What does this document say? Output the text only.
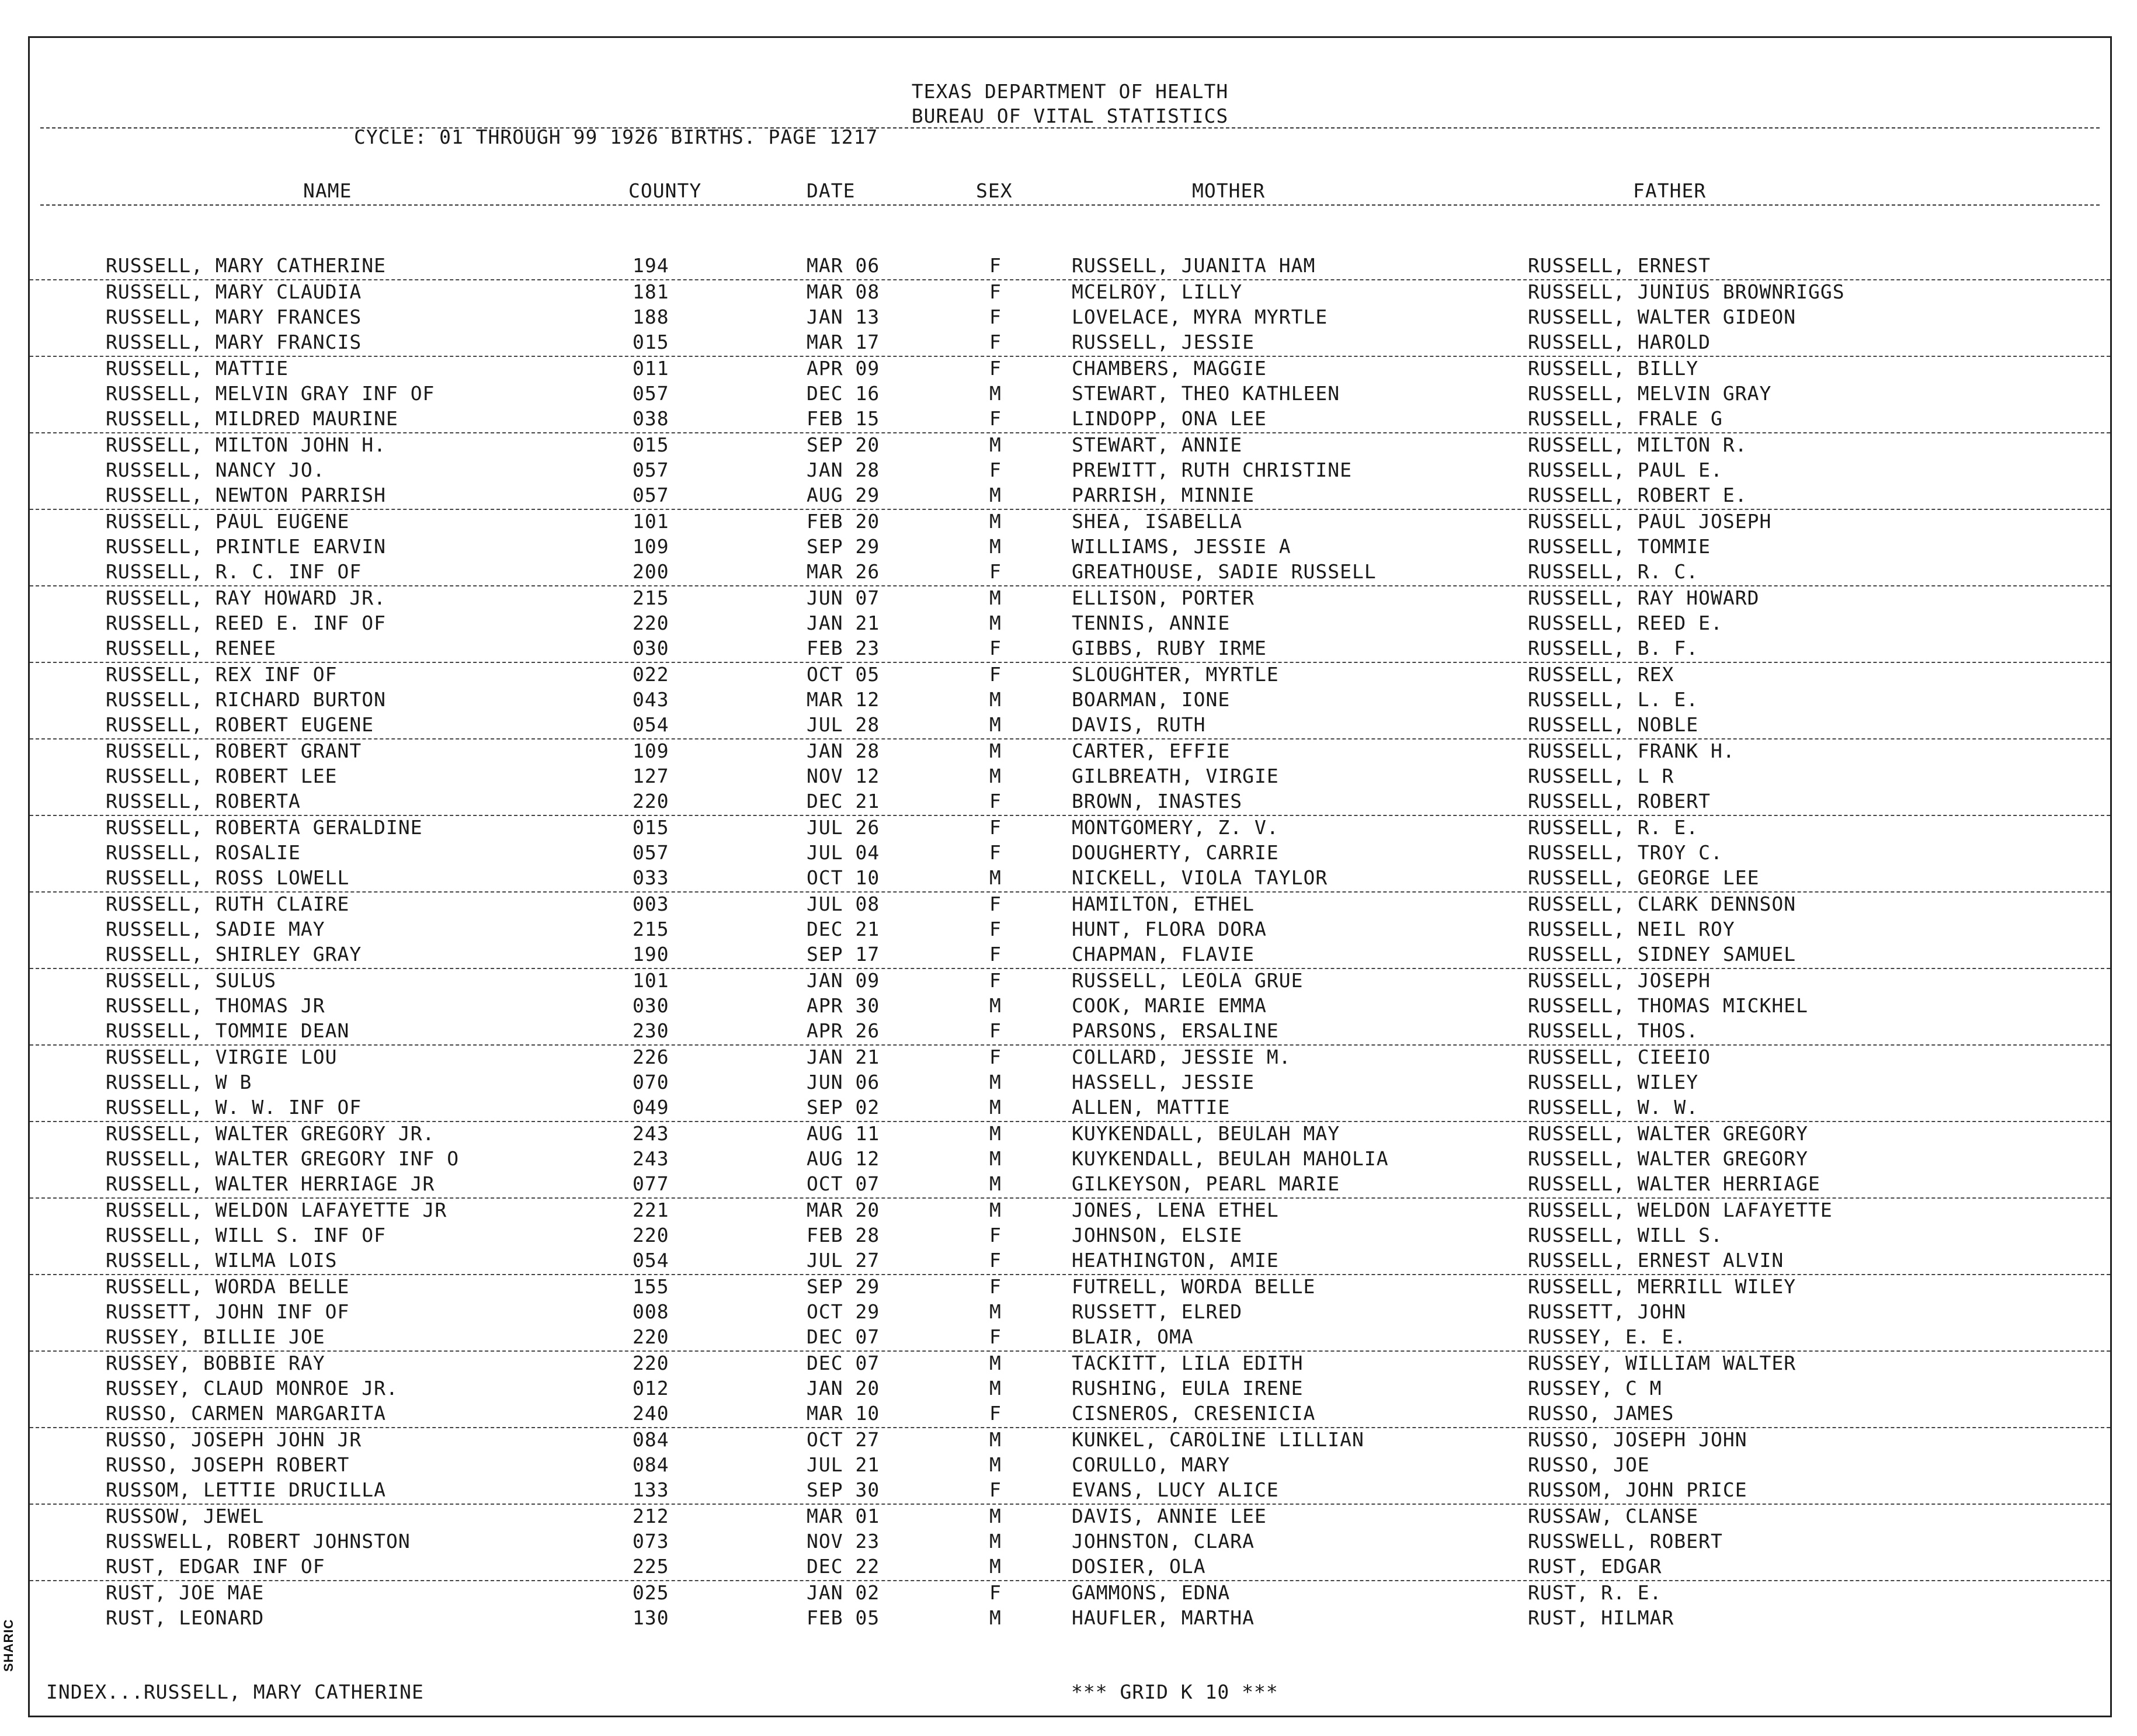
SHARIC
TEXAS DEPARTMENT OF HEALTH
BUREAU OF VITAL STATISTICS
CYCLE: 01 THROUGH 99 1926 BIRTHS. PAGE 1217
NAME	COUNTY	DATE	SEX	MOTHER	FATHER
RUSSELL, MARY CATHERINE	194	MAR 06	F	RUSSELL, JUANITA HAM	RUSSELL, ERNEST
RUSSELL, MARY CLAUDIA	181	MAR 08	F	MCELROY, LILLY	RUSSELL, JUNIUS BROWNRIGGS
RUSSELL, MARY FRANCES	188	JAN 13	F	LOVELACE, MYRA MYRTLE	RUSSELL, WALTER GIDEON
RUSSELL, MARY FRANCIS	015	MAR 17	F	RUSSELL, JESSIE	RUSSELL, HAROLD
RUSSELL, MATTIE	011	APR 09	F	CHAMBERS, MAGGIE	RUSSELL, BILLY
RUSSELL, MELVIN GRAY INF OF	057	DEC 16	M	STEWART, THEO KATHLEEN	RUSSELL, MELVIN GRAY
RUSSELL, MILDRED MAURINE	038	FEB 15	F	LINDOPP, ONA LEE	RUSSELL, FRALE G
RUSSELL, MILTON JOHN H.	015	SEP 20	M	STEWART, ANNIE	RUSSELL, MILTON R.
RUSSELL, NANCY JO.	057	JAN 28	F	PREWITT, RUTH CHRISTINE	RUSSELL, PAUL E.
RUSSELL, NEWTON PARRISH	057	AUG 29	M	PARRISH, MINNIE	RUSSELL, ROBERT E.
RUSSELL, PAUL EUGENE	101	FEB 20	M	SHEA, ISABELLA	RUSSELL, PAUL JOSEPH
RUSSELL, PRINTLE EARVIN	109	SEP 29	M	WILLIAMS, JESSIE A	RUSSELL, TOMMIE
RUSSELL, R. C. INF OF	200	MAR 26	F	GREATHOUSE, SADIE RUSSELL	RUSSELL, R. C.
RUSSELL, RAY HOWARD JR.	215	JUN 07	M	ELLISON, PORTER	RUSSELL, RAY HOWARD
RUSSELL, REED E. INF OF	220	JAN 21	M	TENNIS, ANNIE	RUSSELL, REED E.
RUSSELL, RENEE	030	FEB 23	F	GIBBS, RUBY IRME	RUSSELL, B. F.
RUSSELL, REX INF OF	022	OCT 05	F	SLOUGHTER, MYRTLE	RUSSELL, REX
RUSSELL, RICHARD BURTON	043	MAR 12	M	BOARMAN, IONE	RUSSELL, L. E.
RUSSELL, ROBERT EUGENE	054	JUL 28	M	DAVIS, RUTH	RUSSELL, NOBLE
RUSSELL, ROBERT GRANT	109	JAN 28	M	CARTER, EFFIE	RUSSELL, FRANK H.
RUSSELL, ROBERT LEE	127	NOV 12	M	GILBREATH, VIRGIE	RUSSELL, L R
RUSSELL, ROBERTA	220	DEC 21	F	BROWN, INASTES	RUSSELL, ROBERT
RUSSELL, ROBERTA GERALDINE	015	JUL 26	F	MONTGOMERY, Z. V.	RUSSELL, R. E.
RUSSELL, ROSALIE	057	JUL 04	F	DOUGHERTY, CARRIE	RUSSELL, TROY C.
RUSSELL, ROSS LOWELL	033	OCT 10	M	NICKELL, VIOLA TAYLOR	RUSSELL, GEORGE LEE
RUSSELL, RUTH CLAIRE	003	JUL 08	F	HAMILTON, ETHEL	RUSSELL, CLARK DENNSON
RUSSELL, SADIE MAY	215	DEC 21	F	HUNT, FLORA DORA	RUSSELL, NEIL ROY
RUSSELL, SHIRLEY GRAY	190	SEP 17	F	CHAPMAN, FLAVIE	RUSSELL, SIDNEY SAMUEL
RUSSELL, SULUS	101	JAN 09	F	RUSSELL, LEOLA GRUE	RUSSELL, JOSEPH
RUSSELL, THOMAS JR	030	APR 30	M	COOK, MARIE EMMA	RUSSELL, THOMAS MICKHEL
RUSSELL, TOMMIE DEAN	230	APR 26	F	PARSONS, ERSALINE	RUSSELL, THOS.
RUSSELL, VIRGIE LOU	226	JAN 21	F	COLLARD, JESSIE M.	RUSSELL, CIEEIO
RUSSELL, W B	070	JUN 06	M	HASSELL, JESSIE	RUSSELL, WILEY
RUSSELL, W. W. INF OF	049	SEP 02	M	ALLEN, MATTIE	RUSSELL, W. W.
RUSSELL, WALTER GREGORY JR.	243	AUG 11	M	KUYKENDALL, BEULAH MAY	RUSSELL, WALTER GREGORY
RUSSELL, WALTER GREGORY INF O	243	AUG 12	M	KUYKENDALL, BEULAH MAHOLIA	RUSSELL, WALTER GREGORY
RUSSELL, WALTER HERRIAGE JR	077	OCT 07	M	GILKEYSON, PEARL MARIE	RUSSELL, WALTER HERRIAGE
RUSSELL, WELDON LAFAYETTE JR	221	MAR 20	M	JONES, LENA ETHEL	RUSSELL, WELDON LAFAYETTE
RUSSELL, WILL S. INF OF	220	FEB 28	F	JOHNSON, ELSIE	RUSSELL, WILL S.
RUSSELL, WILMA LOIS	054	JUL 27	F	HEATHINGTON, AMIE	RUSSELL, ERNEST ALVIN
RUSSELL, WORDA BELLE	155	SEP 29	F	FUTRELL, WORDA BELLE	RUSSELL, MERRILL WILEY
RUSSETT, JOHN INF OF	008	OCT 29	M	RUSSETT, ELRED	RUSSETT, JOHN
RUSSEY, BILLIE JOE	220	DEC 07	F	BLAIR, OMA	RUSSEY, E. E.
RUSSEY, BOBBIE RAY	220	DEC 07	M	TACKITT, LILA EDITH	RUSSEY, WILLIAM WALTER
RUSSEY, CLAUD MONROE JR.	012	JAN 20	M	RUSHING, EULA IRENE	RUSSEY, C M
RUSSO, CARMEN MARGARITA	240	MAR 10	F	CISNEROS, CRESENICIA	RUSSO, JAMES
RUSSO, JOSEPH JOHN JR	084	OCT 27	M	KUNKEL, CAROLINE LILLIAN	RUSSO, JOSEPH JOHN
RUSSO, JOSEPH ROBERT	084	JUL 21	M	CORULLO, MARY	RUSSO, JOE
RUSSOM, LETTIE DRUCILLA	133	SEP 30	F	EVANS, LUCY ALICE	RUSSOM, JOHN PRICE
RUSSOW, JEWEL	212	MAR 01	M	DAVIS, ANNIE LEE	RUSSAW, CLANSE
RUSSWELL, ROBERT JOHNSTON	073	NOV 23	M	JOHNSTON, CLARA	RUSSWELL, ROBERT
RUST, EDGAR INF OF	225	DEC 22	M	DOSIER, OLA	RUST, EDGAR
RUST, JOE MAE	025	JAN 02	F	GAMMONS, EDNA	RUST, R. E.
RUST, LEONARD	130	FEB 05	M	HAUFLER, MARTHA	RUST, HILMAR
INDEX...RUSSELL, MARY CATHERINE	*** GRID K 10 ***
